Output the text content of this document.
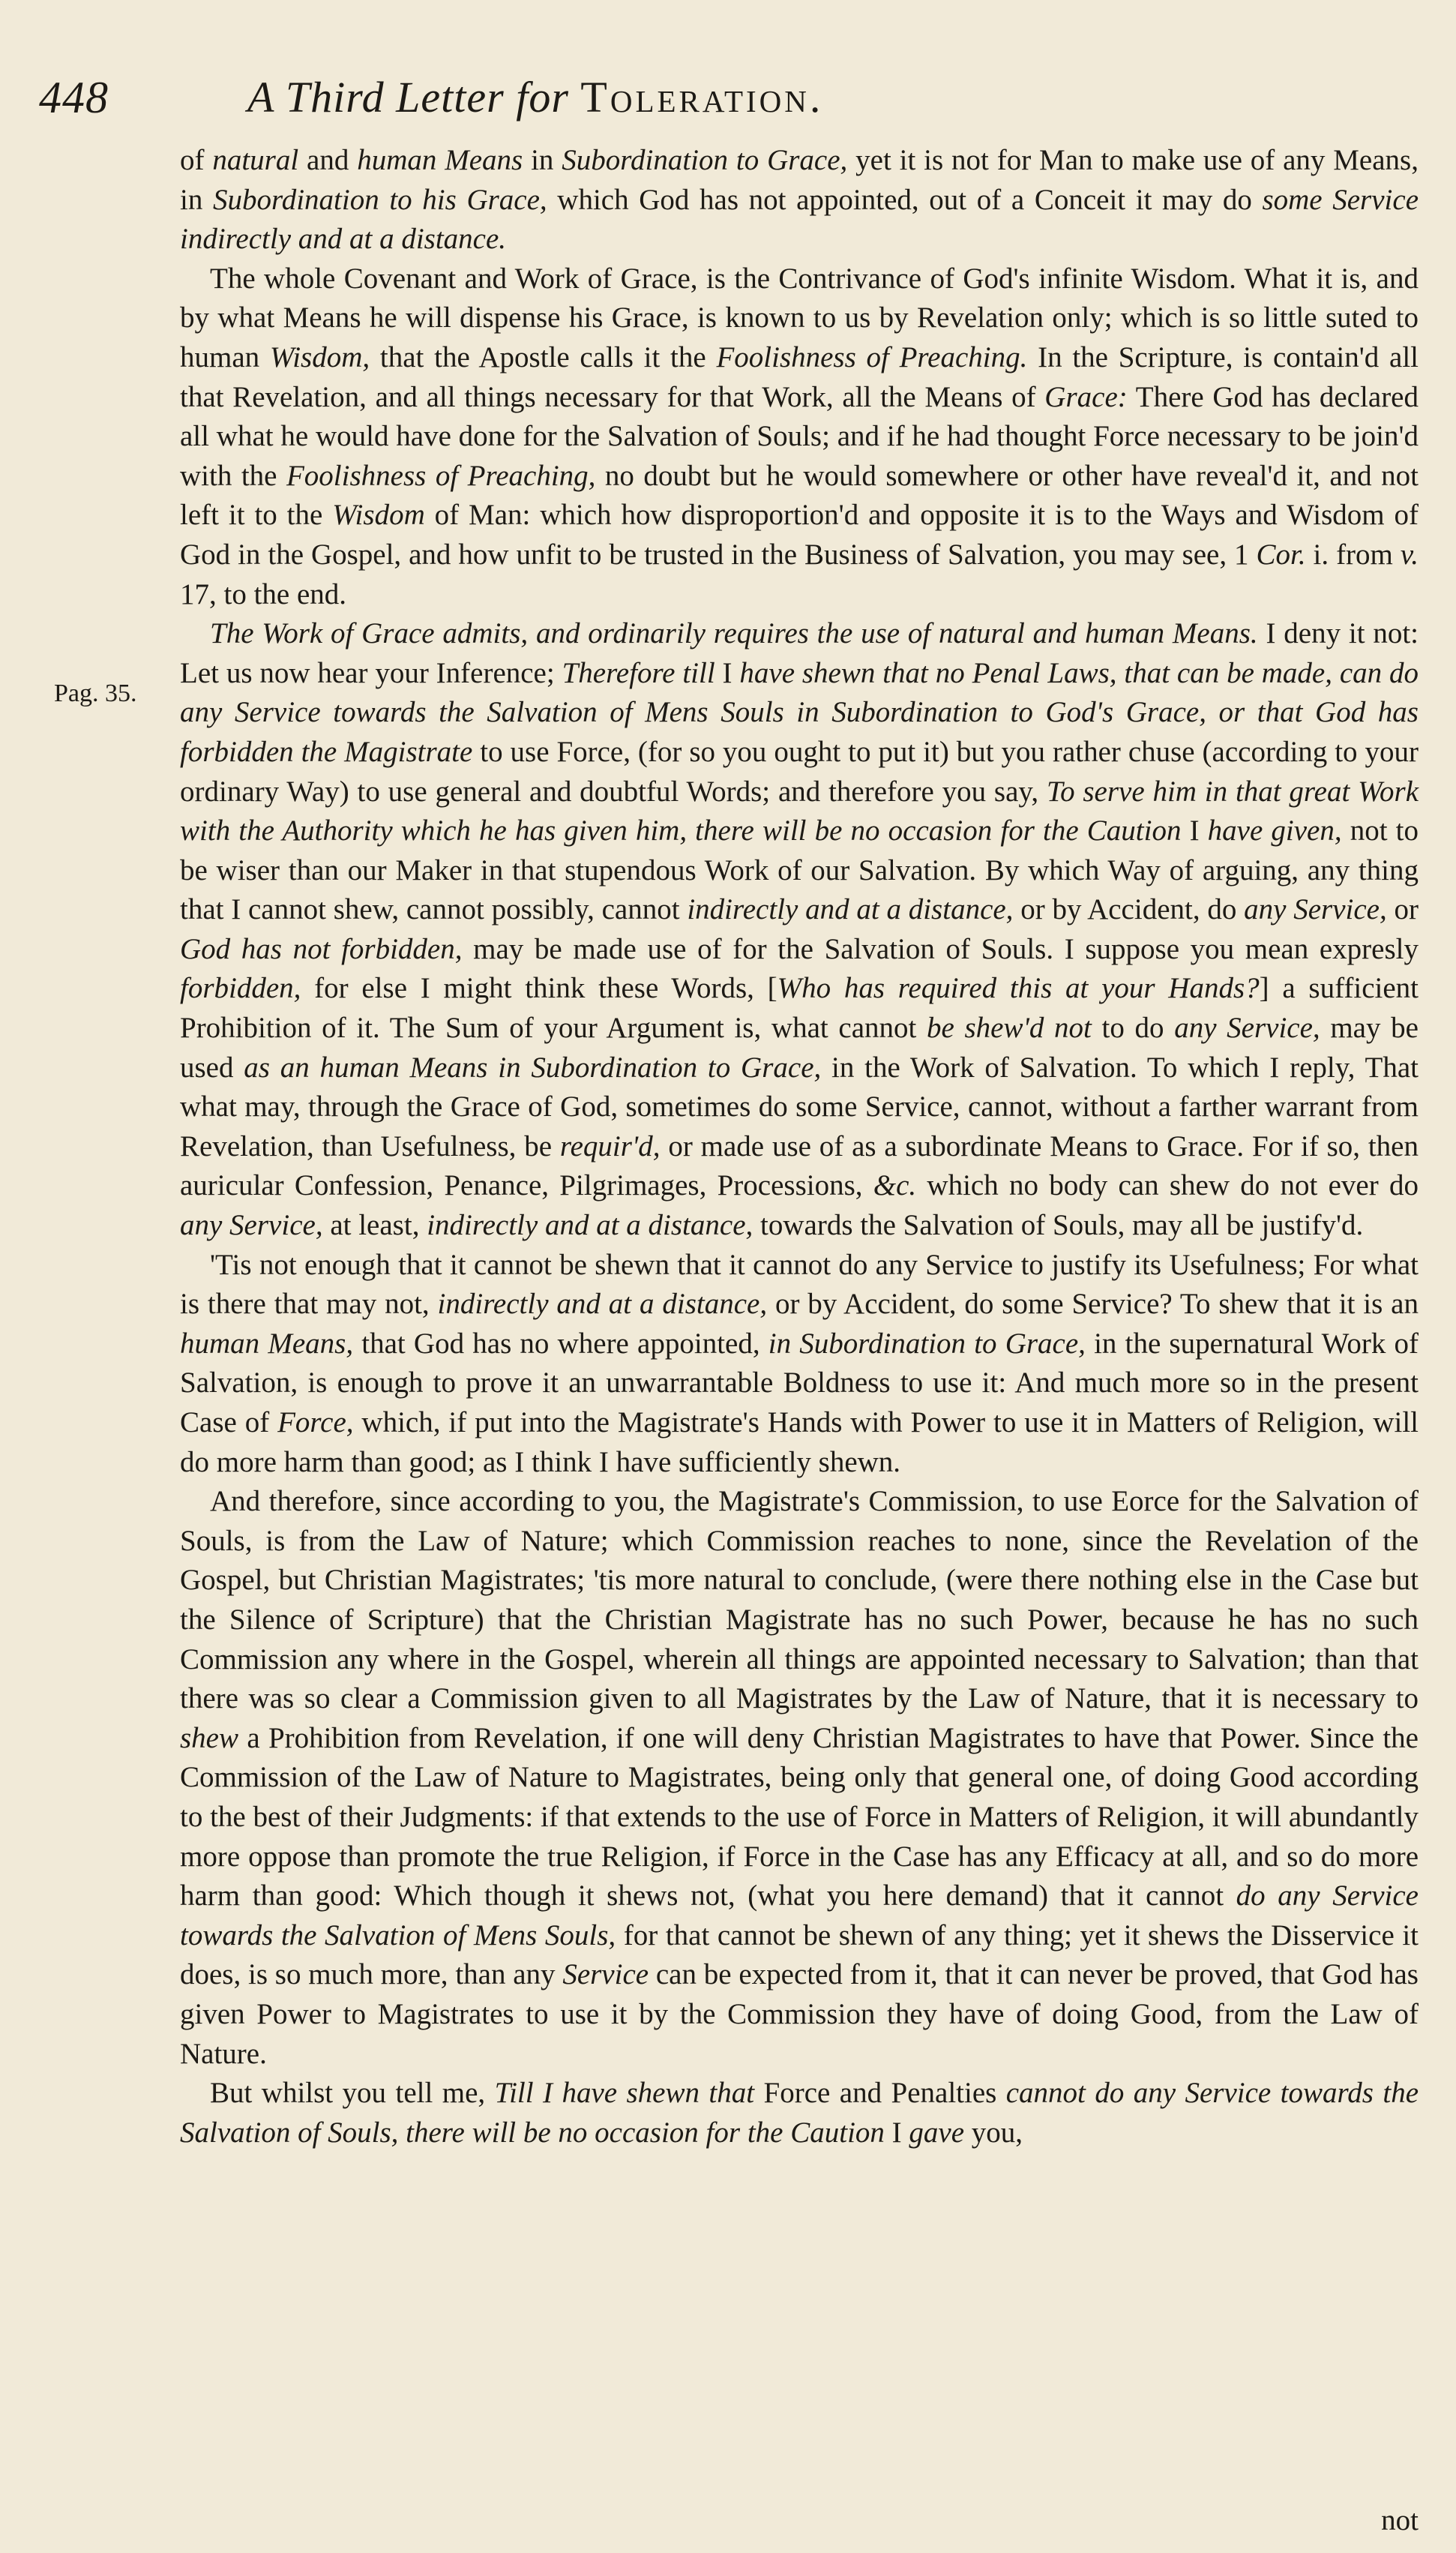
448	A Third Letter for Toleration.
Pag. 35.

of natural and human Means in Subordination to Grace, yet it is not for Man to make use of any Means, in Subordination to his Grace, which God has not appointed, out of a Conceit it may do some Service indirectly and at a distance.

The whole Covenant and Work of Grace, is the Contrivance of God's infinite Wisdom. What it is, and by what Means he will dispense his Grace, is known to us by Revelation only; which is so little suted to human Wisdom, that the Apostle calls it the Foolishness of Preaching. In the Scripture, is contain'd all that Revelation, and all things necessary for that Work, all the Means of Grace: There God has declared all what he would have done for the Salvation of Souls; and if he had thought Force necessary to be join'd with the Foolishness of Preaching, no doubt but he would somewhere or other have reveal'd it, and not left it to the Wisdom of Man: which how disproportion'd and opposite it is to the Ways and Wisdom of God in the Gospel, and how unfit to be trusted in the Business of Salvation, you may see, 1 Cor. i. from v. 17, to the end.

The Work of Grace admits, and ordinarily requires the use of natural and human Means. I deny it not: Let us now hear your Inference; Therefore till I have shewn that no Penal Laws, that can be made, can do any Service towards the Salvation of Mens Souls in Subordination to God's Grace, or that God has forbidden the Magistrate to use Force, (for so you ought to put it) but you rather chuse (according to your ordinary Way) to use general and doubtful Words; and therefore you say, To serve him in that great Work with the Authority which he has given him, there will be no occasion for the Caution I have given, not to be wiser than our Maker in that stupendous Work of our Salvation. By which Way of arguing, any thing that I cannot shew, cannot possibly, cannot indirectly and at a distance, or by Accident, do any Service, or God has not forbidden, may be made use of for the Salvation of Souls. I suppose you mean expresly forbidden, for else I might think these Words, [Who has required this at your Hands?] a sufficient Prohibition of it. The Sum of your Argument is, what cannot be shew'd not to do any Service, may be used as an human Means in Subordination to Grace, in the Work of Salvation. To which I reply, That what may, through the Grace of God, sometimes do some Service, cannot, without a farther warrant from Revelation, than Usefulness, be requir'd, or made use of as a subordinate Means to Grace. For if so, then auricular Confession, Penance, Pilgrimages, Processions, &c. which no body can shew do not ever do any Service, at least, indirectly and at a distance, towards the Salvation of Souls, may all be justify'd.

'Tis not enough that it cannot be shewn that it cannot do any Service to justify its Usefulness; For what is there that may not, indirectly and at a distance, or by Accident, do some Service? To shew that it is an human Means, that God has no where appointed, in Subordination to Grace, in the supernatural Work of Salvation, is enough to prove it an unwarrantable Boldness to use it: And much more so in the present Case of Force, which, if put into the Magistrate's Hands with Power to use it in Matters of Religion, will do more harm than good; as I think I have sufficiently shewn.

And therefore, since according to you, the Magistrate's Commission, to use Eorce for the Salvation of Souls, is from the Law of Nature; which Commission reaches to none, since the Revelation of the Gospel, but Christian Magistrates; 'tis more natural to conclude, (were there nothing else in the Case but the Silence of Scripture) that the Christian Magistrate has no such Power, because he has no such Commission any where in the Gospel, wherein all things are appointed necessary to Salvation; than that there was so clear a Commission given to all Magistrates by the Law of Nature, that it is necessary to shew a Prohibition from Revelation, if one will deny Christian Magistrates to have that Power. Since the Commission of the Law of Nature to Magistrates, being only that general one, of doing Good according to the best of their Judgments: if that extends to the use of Force in Matters of Religion, it will abundantly more oppose than promote the true Religion, if Force in the Case has any Efficacy at all, and so do more harm than good: Which though it shews not, (what you here demand) that it cannot do any Service towards the Salvation of Mens Souls, for that cannot be shewn of any thing; yet it shews the Disservice it does, is so much more, than any Service can be expected from it, that it can never be proved, that God has given Power to Magistrates to use it by the Commission they have of doing Good, from the Law of Nature.

But whilst you tell me, Till I have shewn that Force and Penalties cannot do any Service towards the Salvation of Souls, there will be no occasion for the Caution I gave you,

not
